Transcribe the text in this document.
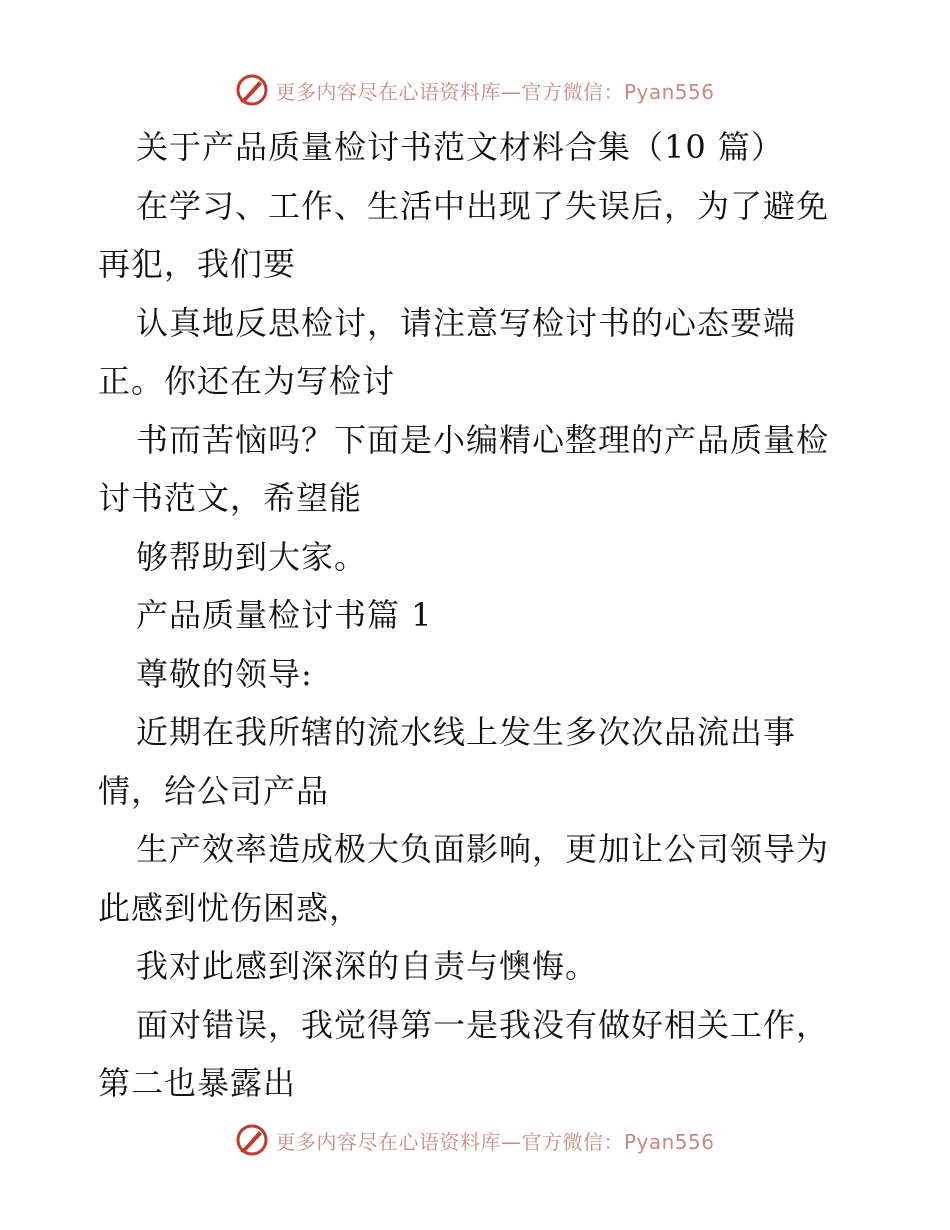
更多内容尽在心语资料库—官方微信：Pyan556
关于产品质量检讨书范文材料合集（10 篇）
在学习、工作、生活中出现了失误后，为了避免
再犯，我们要
认真地反思检讨，请注意写检讨书的心态要端
正。你还在为写检讨
书而苦恼吗？下面是小编精心整理的产品质量检
讨书范文，希望能
够帮助到大家。
产品质量检讨书篇 1
尊敬的领导:
近期在我所辖的流水线上发生多次次品流出事
情，给公司产品
生产效率造成极大负面影响，更加让公司领导为
此感到忧伤困惑，
我对此感到深深的自责与懊悔。
面对错误，我觉得第一是我没有做好相关工作，
第二也暴露出
更多内容尽在心语资料库—官方微信：Pyan556
